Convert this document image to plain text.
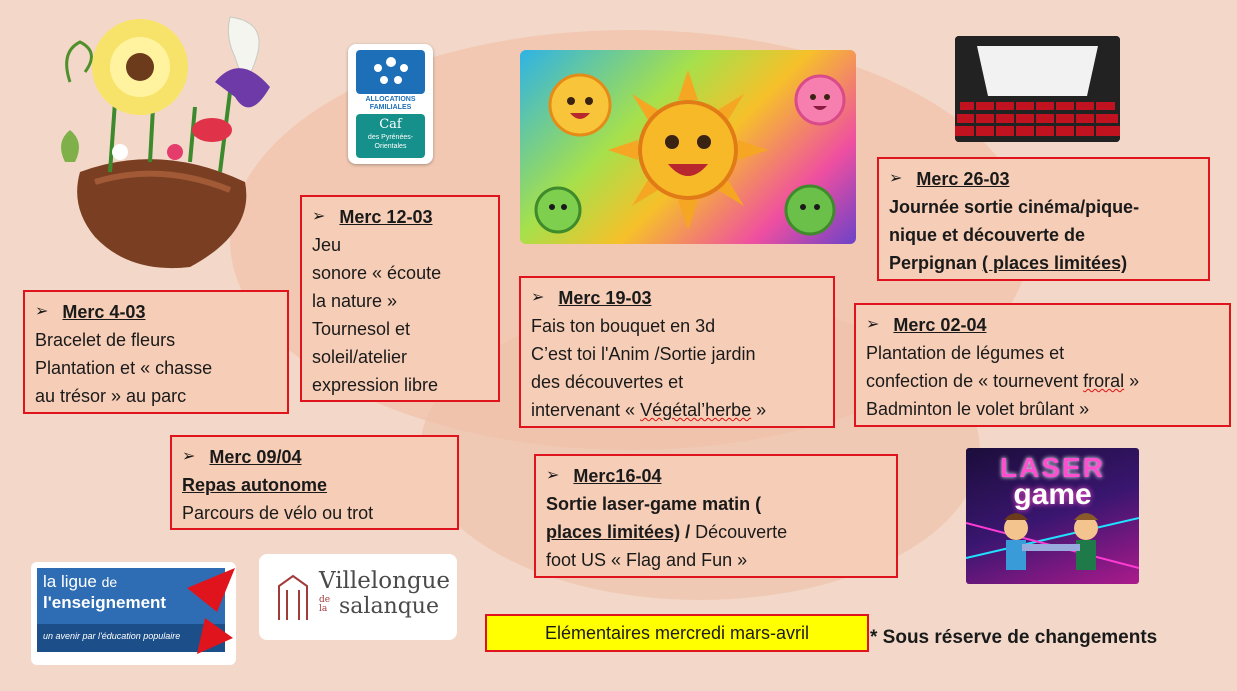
ALLOCATIONS
FAMILIALES
Caf
des Pyrénées-
Orientales
➢ Merc 4-03
Bracelet de fleurs
Plantation et « chasse
au trésor » au parc
➢ Merc 12-03
Jeu
sonore « écoute
la nature »
Tournesol et
soleil/atelier
expression libre
➢ Merc 19-03
Fais ton bouquet en 3d
C’est toi l'Anim /Sortie jardin
des découvertes et
intervenant « Végétal’herbe »
➢ Merc 26-03
Journée sortie cinéma/pique-
nique et découverte de
Perpignan ( places limitées)
➢ Merc 02-04
Plantation de légumes et
confection de « tournevent froral »
Badminton le volet brûlant »
➢ Merc 09/04
Repas autonome
Parcours de vélo ou trot
➢ Merc16-04
Sortie laser-game matin (
places limitées) / Découverte
foot US « Flag and Fun »
LASER
game
la ligue de
l'enseignement
un avenir par l'éducation populaire
Villelongue
de
la salanque
Elémentaires mercredi mars-avril	* Sous réserve de changements
